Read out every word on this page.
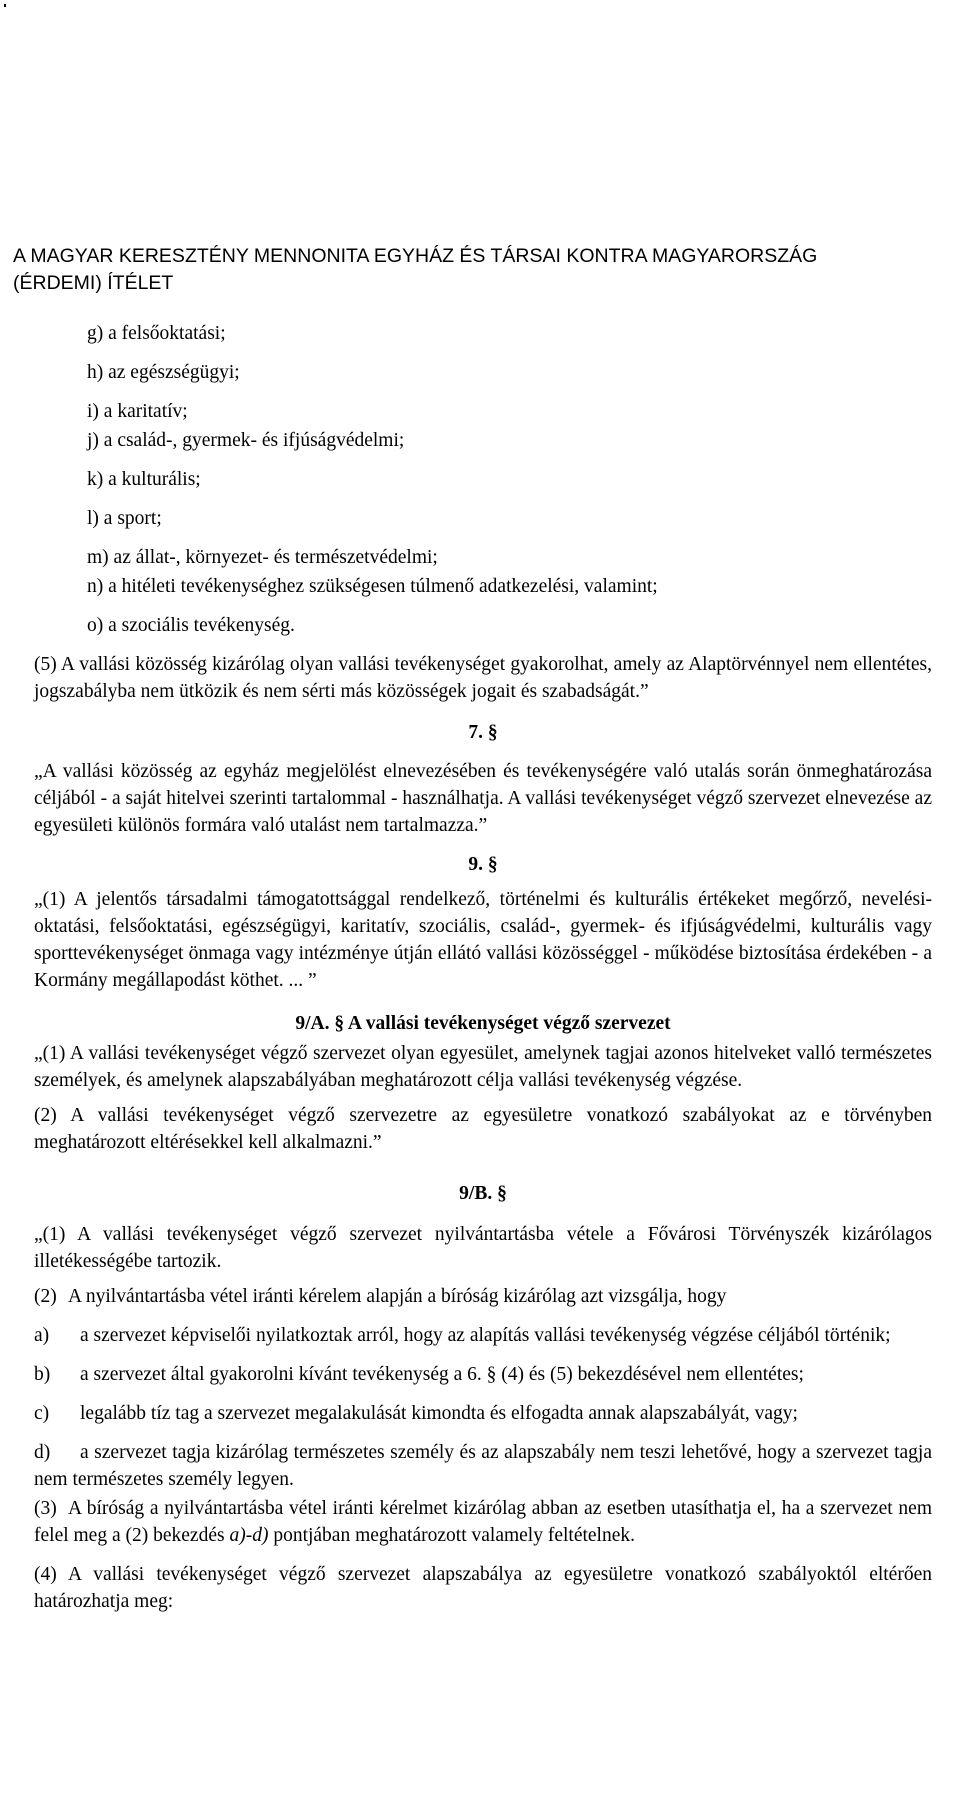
A MAGYAR KERESZTÉNY MENNONITA EGYHÁZ ÉS TÁRSAI KONTRA MAGYARORSZÁG
(ÉRDEMI) ÍTÉLET

g) a felsőoktatási;

h) az egészségügyi;

i) a karitatív;

j) a család-, gyermek- és ifjúságvédelmi;

k) a kulturális;

l) a sport;

m) az állat-, környezet- és természetvédelmi;

n) a hitéleti tevékenységhez szükségesen túlmenő adatkezelési, valamint;

o) a szociális tevékenység.

(5) A vallási közösség kizárólag olyan vallási tevékenységet gyakorolhat, amely az Alaptörvénnyel nem ellentétes, jogszabályba nem ütközik és nem sérti más közösségek jogait és szabadságát.”

7. §

„A vallási közösség az egyház megjelölést elnevezésében és tevékenységére való utalás során önmeghatározása céljából - a saját hitelvei szerinti tartalommal - használhatja. A vallási tevékenységet végző szervezet elnevezése az egyesületi különös formára való utalást nem tartalmazza.”

9. §

„(1) A jelentős társadalmi támogatottsággal rendelkező, történelmi és kulturális értékeket megőrző, nevelési-oktatási, felsőoktatási, egészségügyi, karitatív, szociális, család-, gyermek- és ifjúságvédelmi, kulturális vagy sporttevékenységet önmaga vagy intézménye útján ellátó vallási közösséggel - működése biztosítása érdekében - a Kormány megállapodást köthet. ... ”

9/A. § A vallási tevékenységet végző szervezet

„(1) A vallási tevékenységet végző szervezet olyan egyesület, amelynek tagjai azonos hitelveket valló természetes személyek, és amelynek alapszabályában meghatározott célja vallási tevékenység végzése.

(2) A vallási tevékenységet végző szervezetre az egyesületre vonatkozó szabályokat az e törvényben meghatározott eltérésekkel kell alkalmazni.”

9/B. §

„(1) A vallási tevékenységet végző szervezet nyilvántartásba vétele a Fővárosi Törvényszék kizárólagos illetékességébe tartozik.

(2) A nyilvántartásba vétel iránti kérelem alapján a bíróság kizárólag azt vizsgálja, hogy

a) a szervezet képviselői nyilatkoztak arról, hogy az alapítás vallási tevékenység végzése céljából történik;

b) a szervezet által gyakorolni kívánt tevékenység a 6. § (4) és (5) bekezdésével nem ellentétes;

c) legalább tíz tag a szervezet megalakulását kimondta és elfogadta annak alapszabályát, vagy;

d) a szervezet tagja kizárólag természetes személy és az alapszabály nem teszi lehetővé, hogy a szervezet tagja nem természetes személy legyen.

(3) A bíróság a nyilvántartásba vétel iránti kérelmet kizárólag abban az esetben utasíthatja el, ha a szervezet nem felel meg a (2) bekezdés a)-d) pontjában meghatározott valamely feltételnek.

(4) A vallási tevékenységet végző szervezet alapszabálya az egyesületre vonatkozó szabályoktól eltérően határozhatja meg:
